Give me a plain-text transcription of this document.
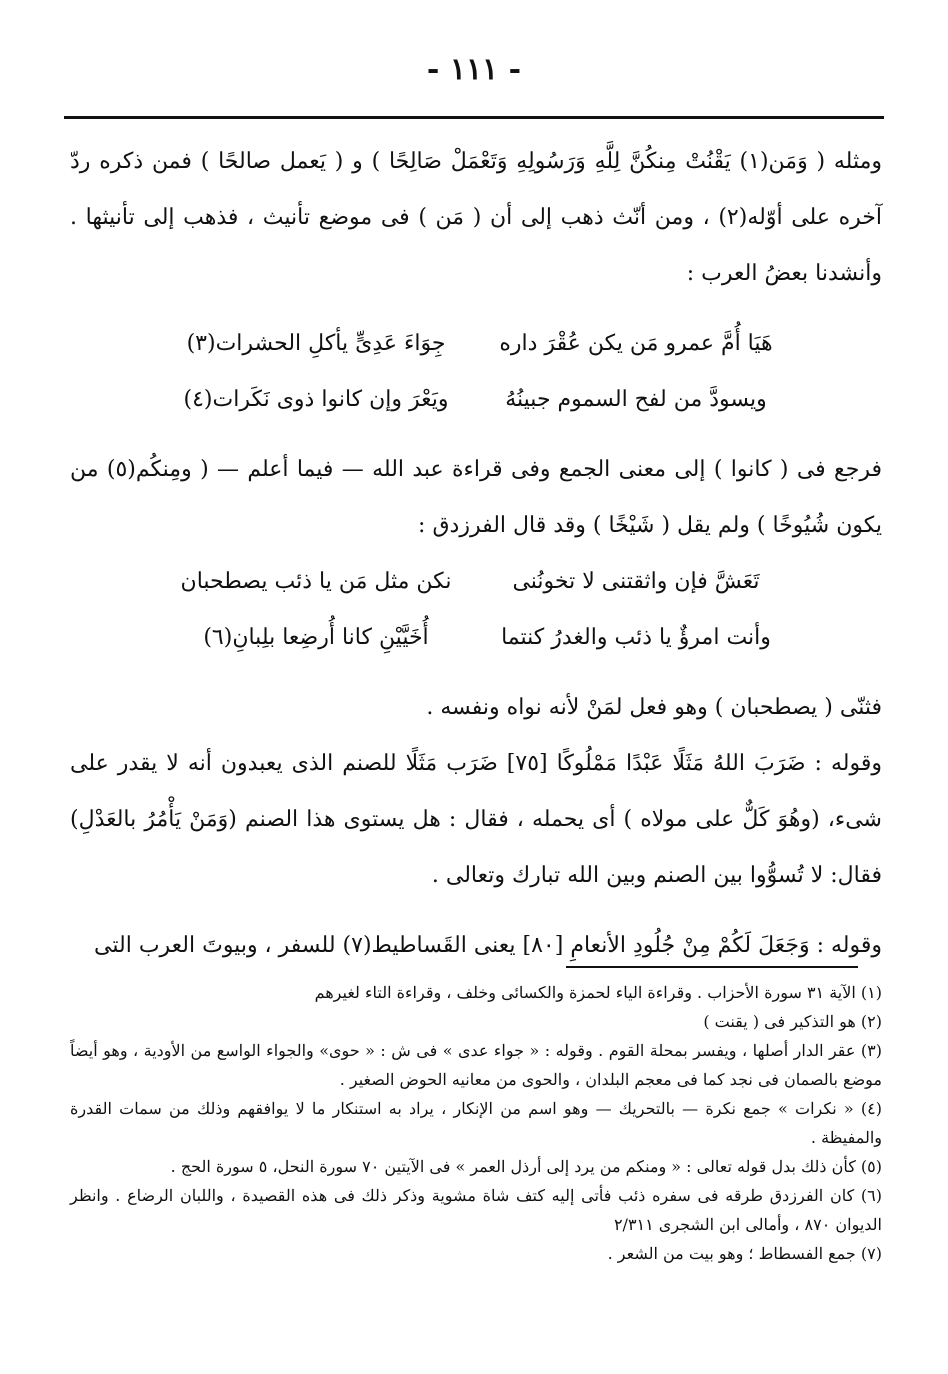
- ١١١ -

ومثله ( وَمَن(١) يَقْنُتْ مِنكُنَّ لِلَّهِ وَرَسُولِهِ وَتَعْمَلْ صَالِحًا ) و ( يَعمل صالحًا ) فمن ذكره ردّ آخره على أوّله(٢) ، ومن أنّث ذهب إلى أن ( مَن ) فى موضع تأنيث ، فذهب إلى تأنيثها . وأنشدنا بعضُ العرب :

هَيَا أُمَّ عمرو مَن يكن عُقْرَ داره
جِوَاءَ عَدِىٍّ يأكلِ الحشرات(٣)
ويسودَّ من لفح السموم جبينُهُ
ويَعْرَ وإن كانوا ذوى نَكَرات(٤)

فرجع فى ( كانوا ) إلى معنى الجمع وفى قراءة عبد الله — فيما أعلم — ( ومِنكُم(٥) من يكون شُيُوخًا ) ولم يقل ( شَيْخًا ) وقد قال الفرزدق :

تَعَشَّ فإن واثقتنى لا تخونُنى
نكن مثل مَن يا ذئب يصطحبان
وأنت امرؤٌ يا ذئب والغدرُ كنتما
أُخَيَّيْنِ كانا أُرضِعا بلِبانِ(٦)

فثنّى ( يصطحبان ) وهو فعل لمَنْ لأنه نواه ونفسه .

وقوله : ضَرَبَ اللهُ مَثَلًا عَبْدًا مَمْلُوكًا [٧٥] ضَرَب مَثَلًا للصنم الذى يعبدون أنه لا يقدر على شىء، (وهُوَ كَلٌّ على مولاه ) أى يحمله ، فقال : هل يستوى هذا الصنم (وَمَنْ يَأْمُرُ بالعَدْلِ) فقال: لا تُسوُّوا بين الصنم وبين الله تبارك وتعالى .

وقوله : وَجَعَلَ لَكُمْ مِنْ جُلُودِ الأنعامِ [٨٠] يعنى القَساطيط(٧) للسفر ، وبيوتَ العرب التى

(١) الآية ٣١ سورة الأحزاب . وقراءة الياء لحمزة والكسائى وخلف ، وقراءة التاء لغيرهم

(٢) هو التذكير فى ( يقنت )

(٣) عقر الدار أصلها ، ويفسر بمحلة القوم . وقوله : « جواء عدى » فى ش : « حوى» والجواء الواسع من الأودية ، وهو أيضاً موضع بالصمان فى نجد كما فى معجم البلدان ، والحوى من معانيه الحوض الصغير .

(٤) « نكرات » جمع نكرة — بالتحريك — وهو اسم من الإنكار ، يراد به استنكار ما لا يوافقهم وذلك من سمات القدرة والمفيظة .

(٥) كأن ذلك بدل قوله تعالى : « ومنكم من يرد إلى أرذل العمر » فى الآيتين ٧٠ سورة النحل، ٥ سورة الحج .

(٦) كان الفرزدق طرقه فى سفره ذئب فأتى إليه كتف شاة مشوية وذكر ذلك فى هذه القصيدة ، واللبان الرضاع . وانظر الديوان ٨٧٠ ، وأمالى ابن الشجرى ٢/٣١١

(٧) جمع الفسطاط ؛ وهو بيت من الشعر .
